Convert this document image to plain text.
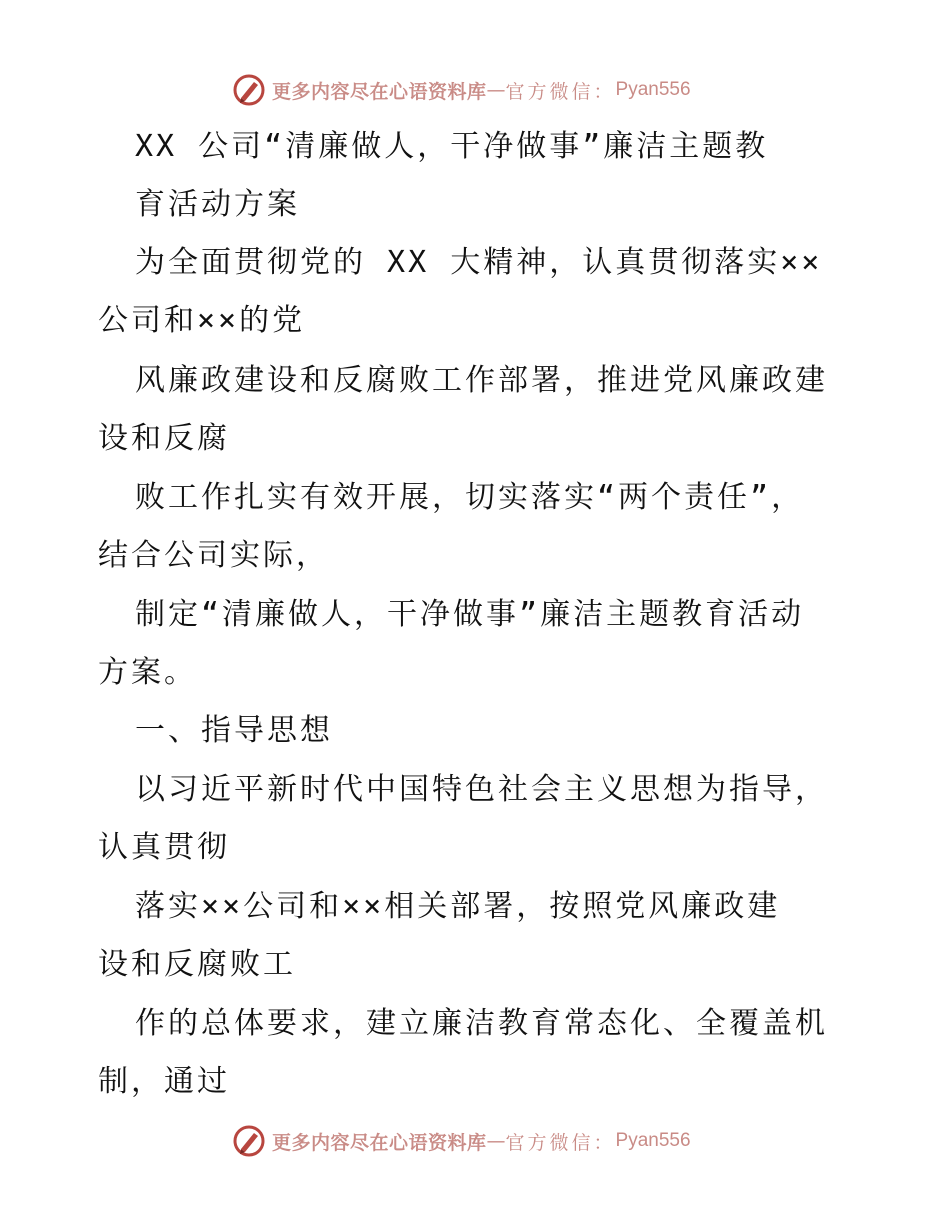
更多内容尽在心语资料库 — 官方微信： Pyan556
XX 公司“清廉做人，干净做事”廉洁主题教
育活动方案
为全面贯彻党的 XX 大精神，认真贯彻落实××
公司和××的党
风廉政建设和反腐败工作部署，推进党风廉政建
设和反腐
败工作扎实有效开展，切实落实“两个责任”，
结合公司实际，
制定“清廉做人，干净做事”廉洁主题教育活动
方案。
一、指导思想
以习近平新时代中国特色社会主义思想为指导，
认真贯彻
落实××公司和××相关部署，按照党风廉政建
设和反腐败工
作的总体要求，建立廉洁教育常态化、全覆盖机
制，通过
更多内容尽在心语资料库 — 官方微信： Pyan556
